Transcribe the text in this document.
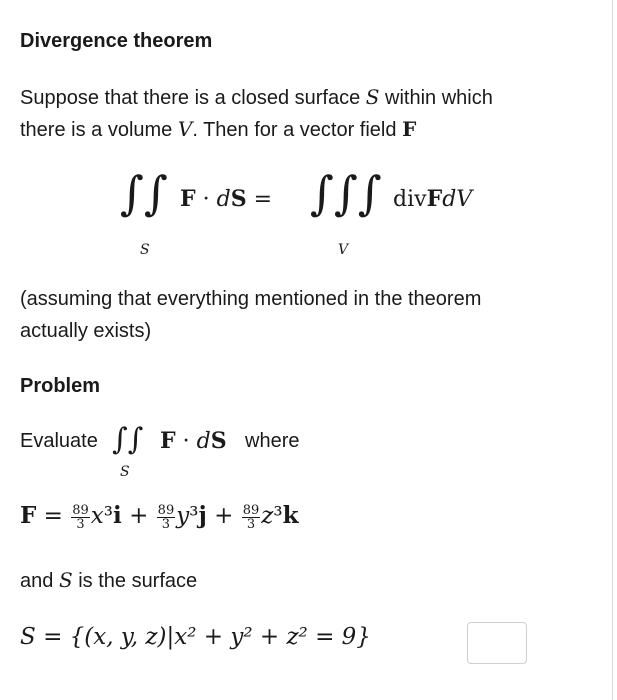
Divergence theorem
Suppose that there is a closed surface S within which
there is a volume V. Then for a vector field F
∫∫
S
F · dS = ∫∫∫
V
divFdV
(assuming that everything mentioned in the theorem
actually exists)
Problem
Evaluate ∫∫
S
F · dS where
$F = \frac{89}{3} x^3i + \frac{89}{3} y^3j + \frac{89}{3} z^3k$
and S is the surface
S = {(x, y, z)|x² + y² + z² = 9}
